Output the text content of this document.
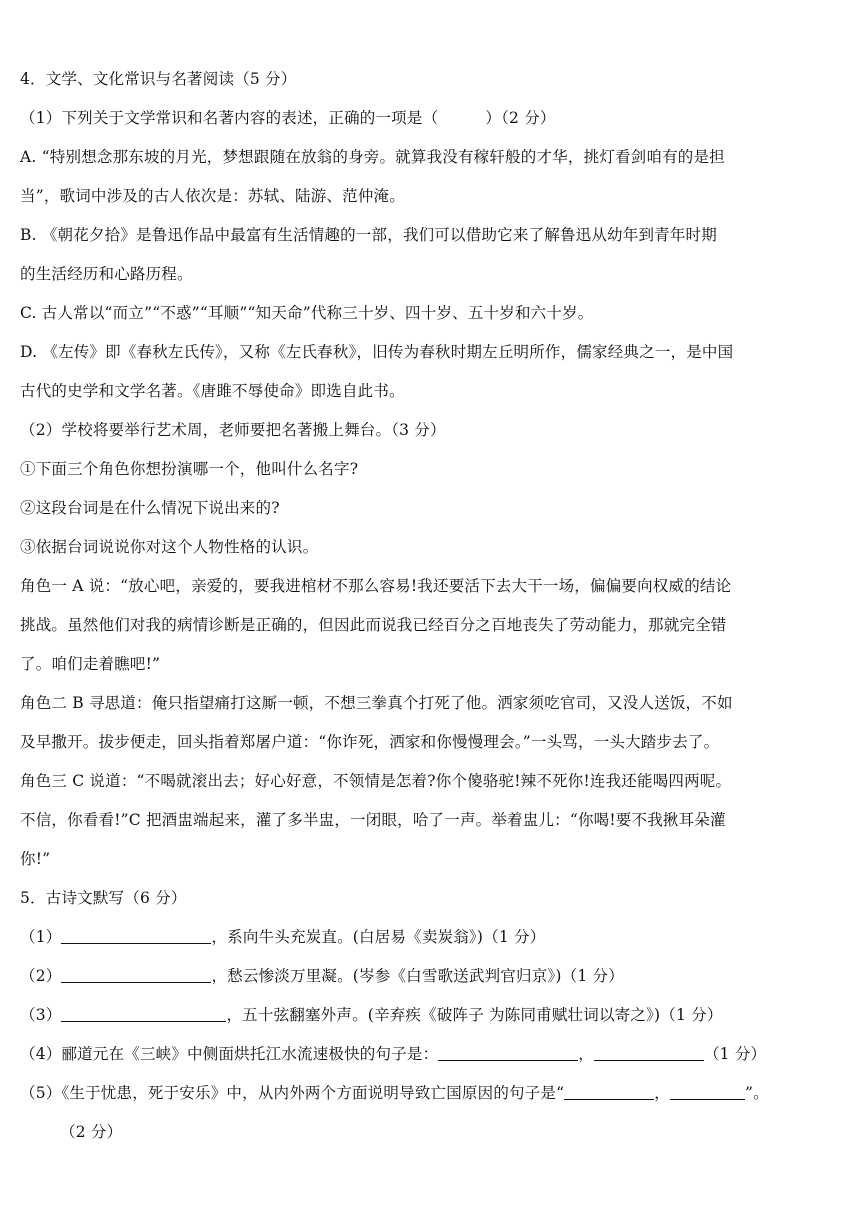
4．文学、文化常识与名著阅读（5 分）
（1）下列关于文学常识和名著内容的表述，正确的一项是（　　　）（2 分）
A. “特别想念那东坡的月光，梦想跟随在放翁的身旁。就算我没有稼轩般的才华，挑灯看剑咱有的是担
当”，歌词中涉及的古人依次是：苏轼、陆游、范仲淹。
B. 《朝花夕拾》是鲁迅作品中最富有生活情趣的一部，我们可以借助它来了解鲁迅从幼年到青年时期
的生活经历和心路历程。
C. 古人常以“而立”“不惑”“耳顺”“知天命”代称三十岁、四十岁、五十岁和六十岁。
D. 《左传》即《春秋左氏传》，又称《左氏春秋》，旧传为春秋时期左丘明所作，儒家经典之一，是中国
古代的史学和文学名著。《唐雎不辱使命》即选自此书。
（2）学校将要举行艺术周，老师要把名著搬上舞台。（3 分）
①下面三个角色你想扮演哪一个，他叫什么名字?
②这段台词是在什么情况下说出来的?
③依据台词说说你对这个人物性格的认识。
角色一 A 说：“放心吧，亲爱的，要我进棺材不那么容易!我还要活下去大干一场，偏偏要向权威的结论
挑战。虽然他们对我的病情诊断是正确的，但因此而说我已经百分之百地丧失了劳动能力，那就完全错
了。咱们走着瞧吧!”
角色二 B 寻思道：俺只指望痛打这厮一顿，不想三拳真个打死了他。洒家须吃官司，又没人送饭，不如
及早撒开。拔步便走，回头指着郑屠户道：“你诈死，洒家和你慢慢理会。”一头骂，一头大踏步去了。
角色三 C 说道：“不喝就滚出去；好心好意，不领情是怎着?你个傻骆驼!辣不死你!连我还能喝四两呢。
不信，你看看!”C 把酒盅端起来，灌了多半盅，一闭眼，哈了一声。举着盅儿：“你喝!要不我揪耳朵灌
你!”
5．古诗文默写（6 分）
（1）	，系向牛头充炭直。(白居易《卖炭翁》)（1 分）
（2）	，愁云惨淡万里凝。(岑参《白雪歌送武判官归京》)（1 分）
（3）	，五十弦翻塞外声。(辛弃疾《破阵子 为陈同甫赋壮词以寄之》)（1 分）
（4）郦道元在《三峡》中侧面烘托江水流速极快的句子是：	，	（1 分）
（5）《生于忧患，死于安乐》中，从内外两个方面说明导致亡国原因的句子是“	，	”。
（2 分）
